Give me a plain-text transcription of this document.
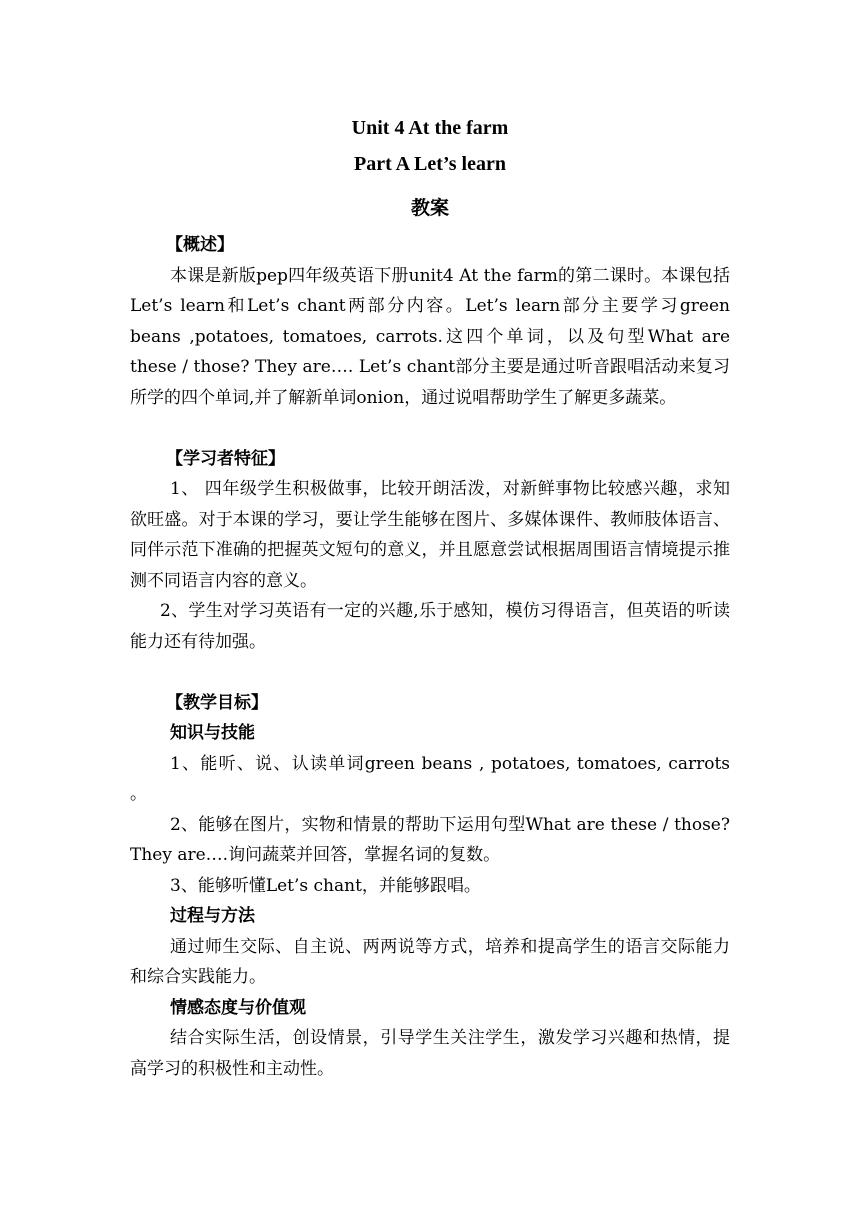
Unit 4 At the farm
Part A Let’s learn
教案
【概述】

本课是新版pep四年级英语下册unit4 At the farm的第二课时。本课包括Let’s learn和Let’s chant两部分内容。Let’s learn部分主要学习green beans ,potatoes, tomatoes, carrots.这四个单词，以及句型What are these / those? They are…. Let’s chant部分主要是通过听音跟唱活动来复习所学的四个单词,并了解新单词onion，通过说唱帮助学生了解更多蔬菜。

【学习者特征】

1、 四年级学生积极做事，比较开朗活泼，对新鲜事物比较感兴趣，求知欲旺盛。对于本课的学习，要让学生能够在图片、多媒体课件、教师肢体语言、同伴示范下准确的把握英文短句的意义，并且愿意尝试根据周围语言情境提示推测不同语言内容的意义。

2、学生对学习英语有一定的兴趣,乐于感知，模仿习得语言，但英语的听读能力还有待加强。

【教学目标】
知识与技能

1、能听、说、认读单词green beans , potatoes, tomatoes, carrots 。

2、能够在图片，实物和情景的帮助下运用句型What are these / those? They are….询问蔬菜并回答，掌握名词的复数。

3、能够听懂Let’s chant，并能够跟唱。

过程与方法

通过师生交际、自主说、两两说等方式，培养和提高学生的语言交际能力和综合实践能力。

情感态度与价值观

结合实际生活，创设情景，引导学生关注学生，激发学习兴趣和热情，提高学习的积极性和主动性。
